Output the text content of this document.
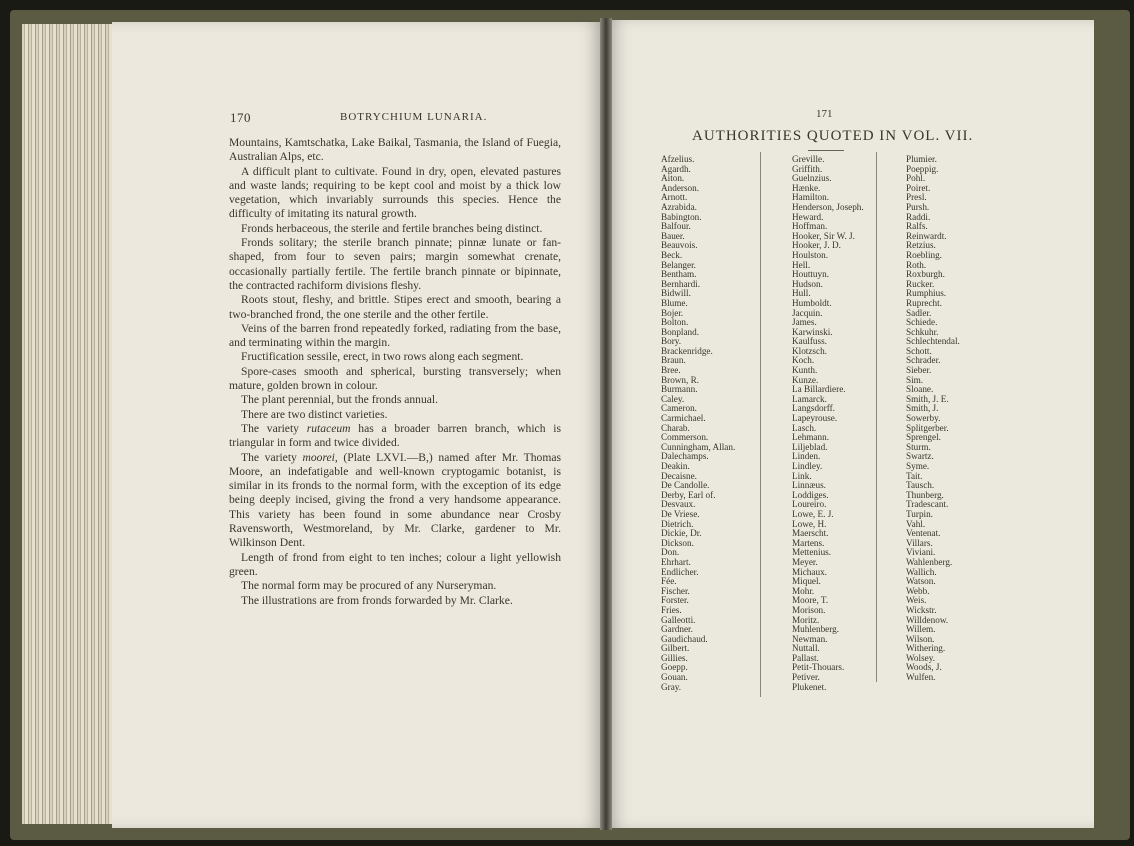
170	BOTRYCHIUM LUNARIA.

Mountains, Kamtschatka, Lake Baikal, Tasmania, the Island of Fuegia, Australian Alps, etc.

A difficult plant to cultivate. Found in dry, open, elevated pastures and waste lands; requiring to be kept cool and moist by a thick low vegetation, which invariably surrounds this species. Hence the difficulty of imitating its natural growth.

Fronds herbaceous, the sterile and fertile branches being distinct.

Fronds solitary; the sterile branch pinnate; pinnæ lunate or fan-shaped, from four to seven pairs; margin somewhat crenate, occasionally partially fertile. The fertile branch pinnate or bipinnate, the contracted rachiform divisions fleshy.

Roots stout, fleshy, and brittle. Stipes erect and smooth, bearing a two-branched frond, the one sterile and the other fertile.

Veins of the barren frond repeatedly forked, radiating from the base, and terminating within the margin.

Fructification sessile, erect, in two rows along each segment.

Spore-cases smooth and spherical, bursting transversely; when mature, golden brown in colour.

The plant perennial, but the fronds annual.

There are two distinct varieties.

The variety rutaceum has a broader barren branch, which is triangular in form and twice divided.

The variety moorei, (Plate LXVI.—B,) named after Mr. Thomas Moore, an indefatigable and well-known cryptogamic botanist, is similar in its fronds to the normal form, with the exception of its edge being deeply incised, giving the frond a very handsome appearance. This variety has been found in some abundance near Crosby Ravensworth, Westmoreland, by Mr. Clarke, gardener to Mr. Wilkinson Dent.

Length of frond from eight to ten inches; colour a light yellowish green.

The normal form may be procured of any Nurseryman.

The illustrations are from fronds forwarded by Mr. Clarke.

171
AUTHORITIES QUOTED IN VOL. VII.
Afzelius.
Agardh.
Aiton.
Anderson.
Arnott.
Azrabida.
Babington.
Balfour.
Bauer.
Beauvois.
Beck.
Belanger.
Bentham.
Bernhardi.
Bidwill.
Blume.
Bojer.
Bolton.
Bonpland.
Bory.
Brackenridge.
Braun.
Bree.
Brown, R.
Burmann.
Caley.
Cameron.
Carmichael.
Charab.
Commerson.
Cunningham, Allan.
Dalechamps.
Deakin.
Decaisne.
De Candolle.
Derby, Earl of.
Desvaux.
De Vriese.
Dietrich.
Dickie, Dr.
Dickson.
Don.
Ehrhart.
Endlicher.
Fée.
Fischer.
Forster.
Fries.
Galleotti.
Gardner.
Gaudichaud.
Gilbert.
Gillies.
Goepp.
Gouan.
Gray.
Greville.
Griffith.
Guelnzius.
Hænke.
Hamilton.
Henderson, Joseph.
Heward.
Hoffman.
Hooker, Sir W. J.
Hooker, J. D.
Houlston.
Hell.
Houttuyn.
Hudson.
Hull.
Humboldt.
Jacquin.
James.
Karwinski.
Kaulfuss.
Klotzsch.
Koch.
Kunth.
Kunze.
La Billardiere.
Lamarck.
Langsdorff.
Lapeyrouse.
Lasch.
Lehmann.
Liljeblad.
Linden.
Lindley.
Link.
Linnæus.
Loddiges.
Loureiro.
Lowe, E. J.
Lowe, H.
Maerscht.
Martens.
Mettenius.
Meyer.
Michaux.
Miquel.
Mohr.
Moore, T.
Morison.
Moritz.
Muhlenberg.
Newman.
Nuttall.
Pallast.
Petit-Thouars.
Petiver.
Plukenet.
Plumier.
Poeppig.
Pohl.
Poiret.
Presl.
Pursh.
Raddi.
Ralfs.
Reinwardt.
Retzius.
Roebling.
Roth.
Roxburgh.
Rucker.
Rumphius.
Ruprecht.
Sadler.
Schiede.
Schkuhr.
Schlechtendal.
Schott.
Schrader.
Sieber.
Sim.
Sloane.
Smith, J. E.
Smith, J.
Sowerby.
Splitgerber.
Sprengel.
Sturm.
Swartz.
Syme.
Tait.
Tausch.
Thunberg.
Tradescant.
Turpin.
Vahl.
Ventenat.
Villars.
Viviani.
Wahlenberg.
Wallich.
Watson.
Webb.
Weis.
Wickstr.
Willdenow.
Willem.
Wilson.
Withering.
Wolsey.
Woods, J.
Wulfen.
